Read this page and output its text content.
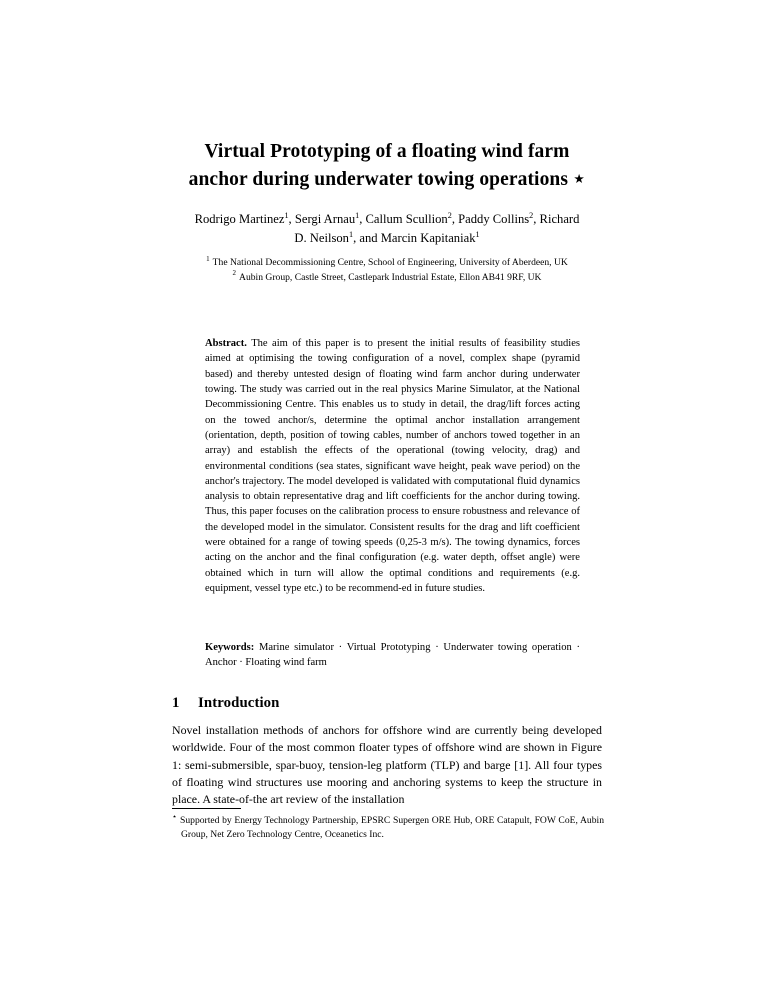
Virtual Prototyping of a floating wind farm
anchor during underwater towing operations ⋆
Rodrigo Martinez$^1$, Sergi Arnau$^1$, Callum Scullion$^2$, Paddy Collins$^2$, Richard
D. Neilson$^1$, and Marcin Kapitaniak$^1$
$^1$ The National Decommissioning Centre, School of Engineering, University of Aberdeen, UK
$^2$ Aubin Group, Castle Street, Castlepark Industrial Estate, Ellon AB41 9RF, UK

Abstract. The aim of this paper is to present the initial results of feasibility studies aimed at optimising the towing configuration of a novel, complex shape (pyramid based) and thereby untested design of floating wind farm anchor during underwater towing. The study was carried out in the real physics Marine Simulator, at the National Decommissioning Centre. This enables us to study in detail, the drag/lift forces acting on the towed anchor/s, determine the optimal anchor installation arrangement (orientation, depth, position of towing cables, number of anchors towed together in an array) and establish the effects of the operational (towing velocity, drag) and environmental conditions (sea states, significant wave height, peak wave period) on the anchor's trajectory. The model developed is validated with computational fluid dynamics analysis to obtain representative drag and lift coefficients for the anchor during towing. Thus, this paper focuses on the calibration process to ensure robustness and relevance of the developed model in the simulator. Consistent results for the drag and lift coefficient were obtained for a range of towing speeds (0,25-3 m/s). The towing dynamics, forces acting on the anchor and the final configuration (e.g. water depth, offset angle) were obtained which in turn will allow the optimal conditions and requirements (e.g. equipment, vessel type etc.) to be recommend-ed in future studies.

Keywords: Marine simulator · Virtual Prototyping · Underwater towing operation · Anchor · Floating wind farm
1 Introduction

Novel installation methods of anchors for offshore wind are currently being developed worldwide. Four of the most common floater types of offshore wind are shown in Figure 1: semi-submersible, spar-buoy, tension-leg platform (TLP) and barge [1]. All four types of floating wind structures use mooring and anchoring systems to keep the structure in place. A state-of-the art review of the installation

⋆ Supported by Energy Technology Partnership, EPSRC Supergen ORE Hub, ORE Catapult, FOW CoE, Aubin Group, Net Zero Technology Centre, Oceanetics Inc.
